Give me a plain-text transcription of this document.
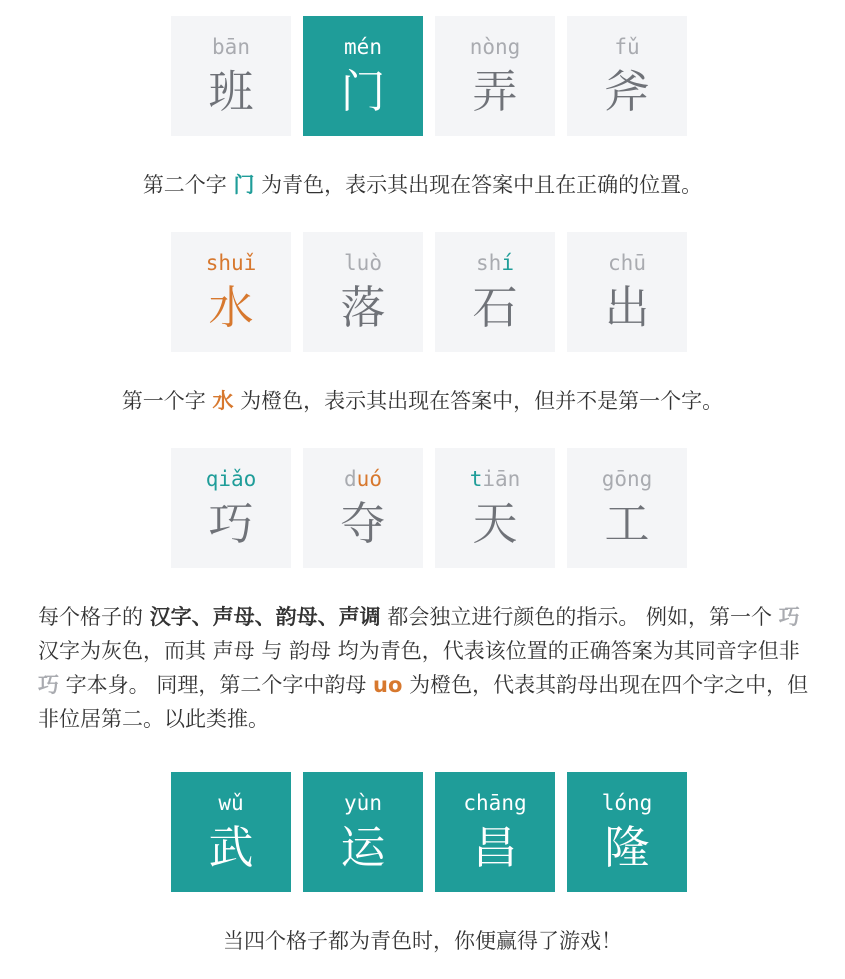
bān
班
mén
门
nòng
弄
fǔ
斧
第二个字 门 为青色，表示其出现在答案中且在正确的位置。
shuǐ
水
luò
落
shí
石
chū
出
第一个字 水 为橙色，表示其出现在答案中，但并不是第一个字。
qiǎo
巧
duó
夺
tiān
天
gōng
工
每个格子的 汉字、声母、韵母、声调 都会独立进行颜色的指示。 例如，第一个 巧 汉字为灰色，而其 声母 与 韵母 均为青色，代表该位置的正确答案为其同音字但非 巧 字本身。 同理，第二个字中韵母 uo 为橙色，代表其韵母出现在四个字之中，但非位居第二。以此类推。
wǔ
武
yùn
运
chāng
昌
lóng
隆
当四个格子都为青色时，你便赢得了游戏！
